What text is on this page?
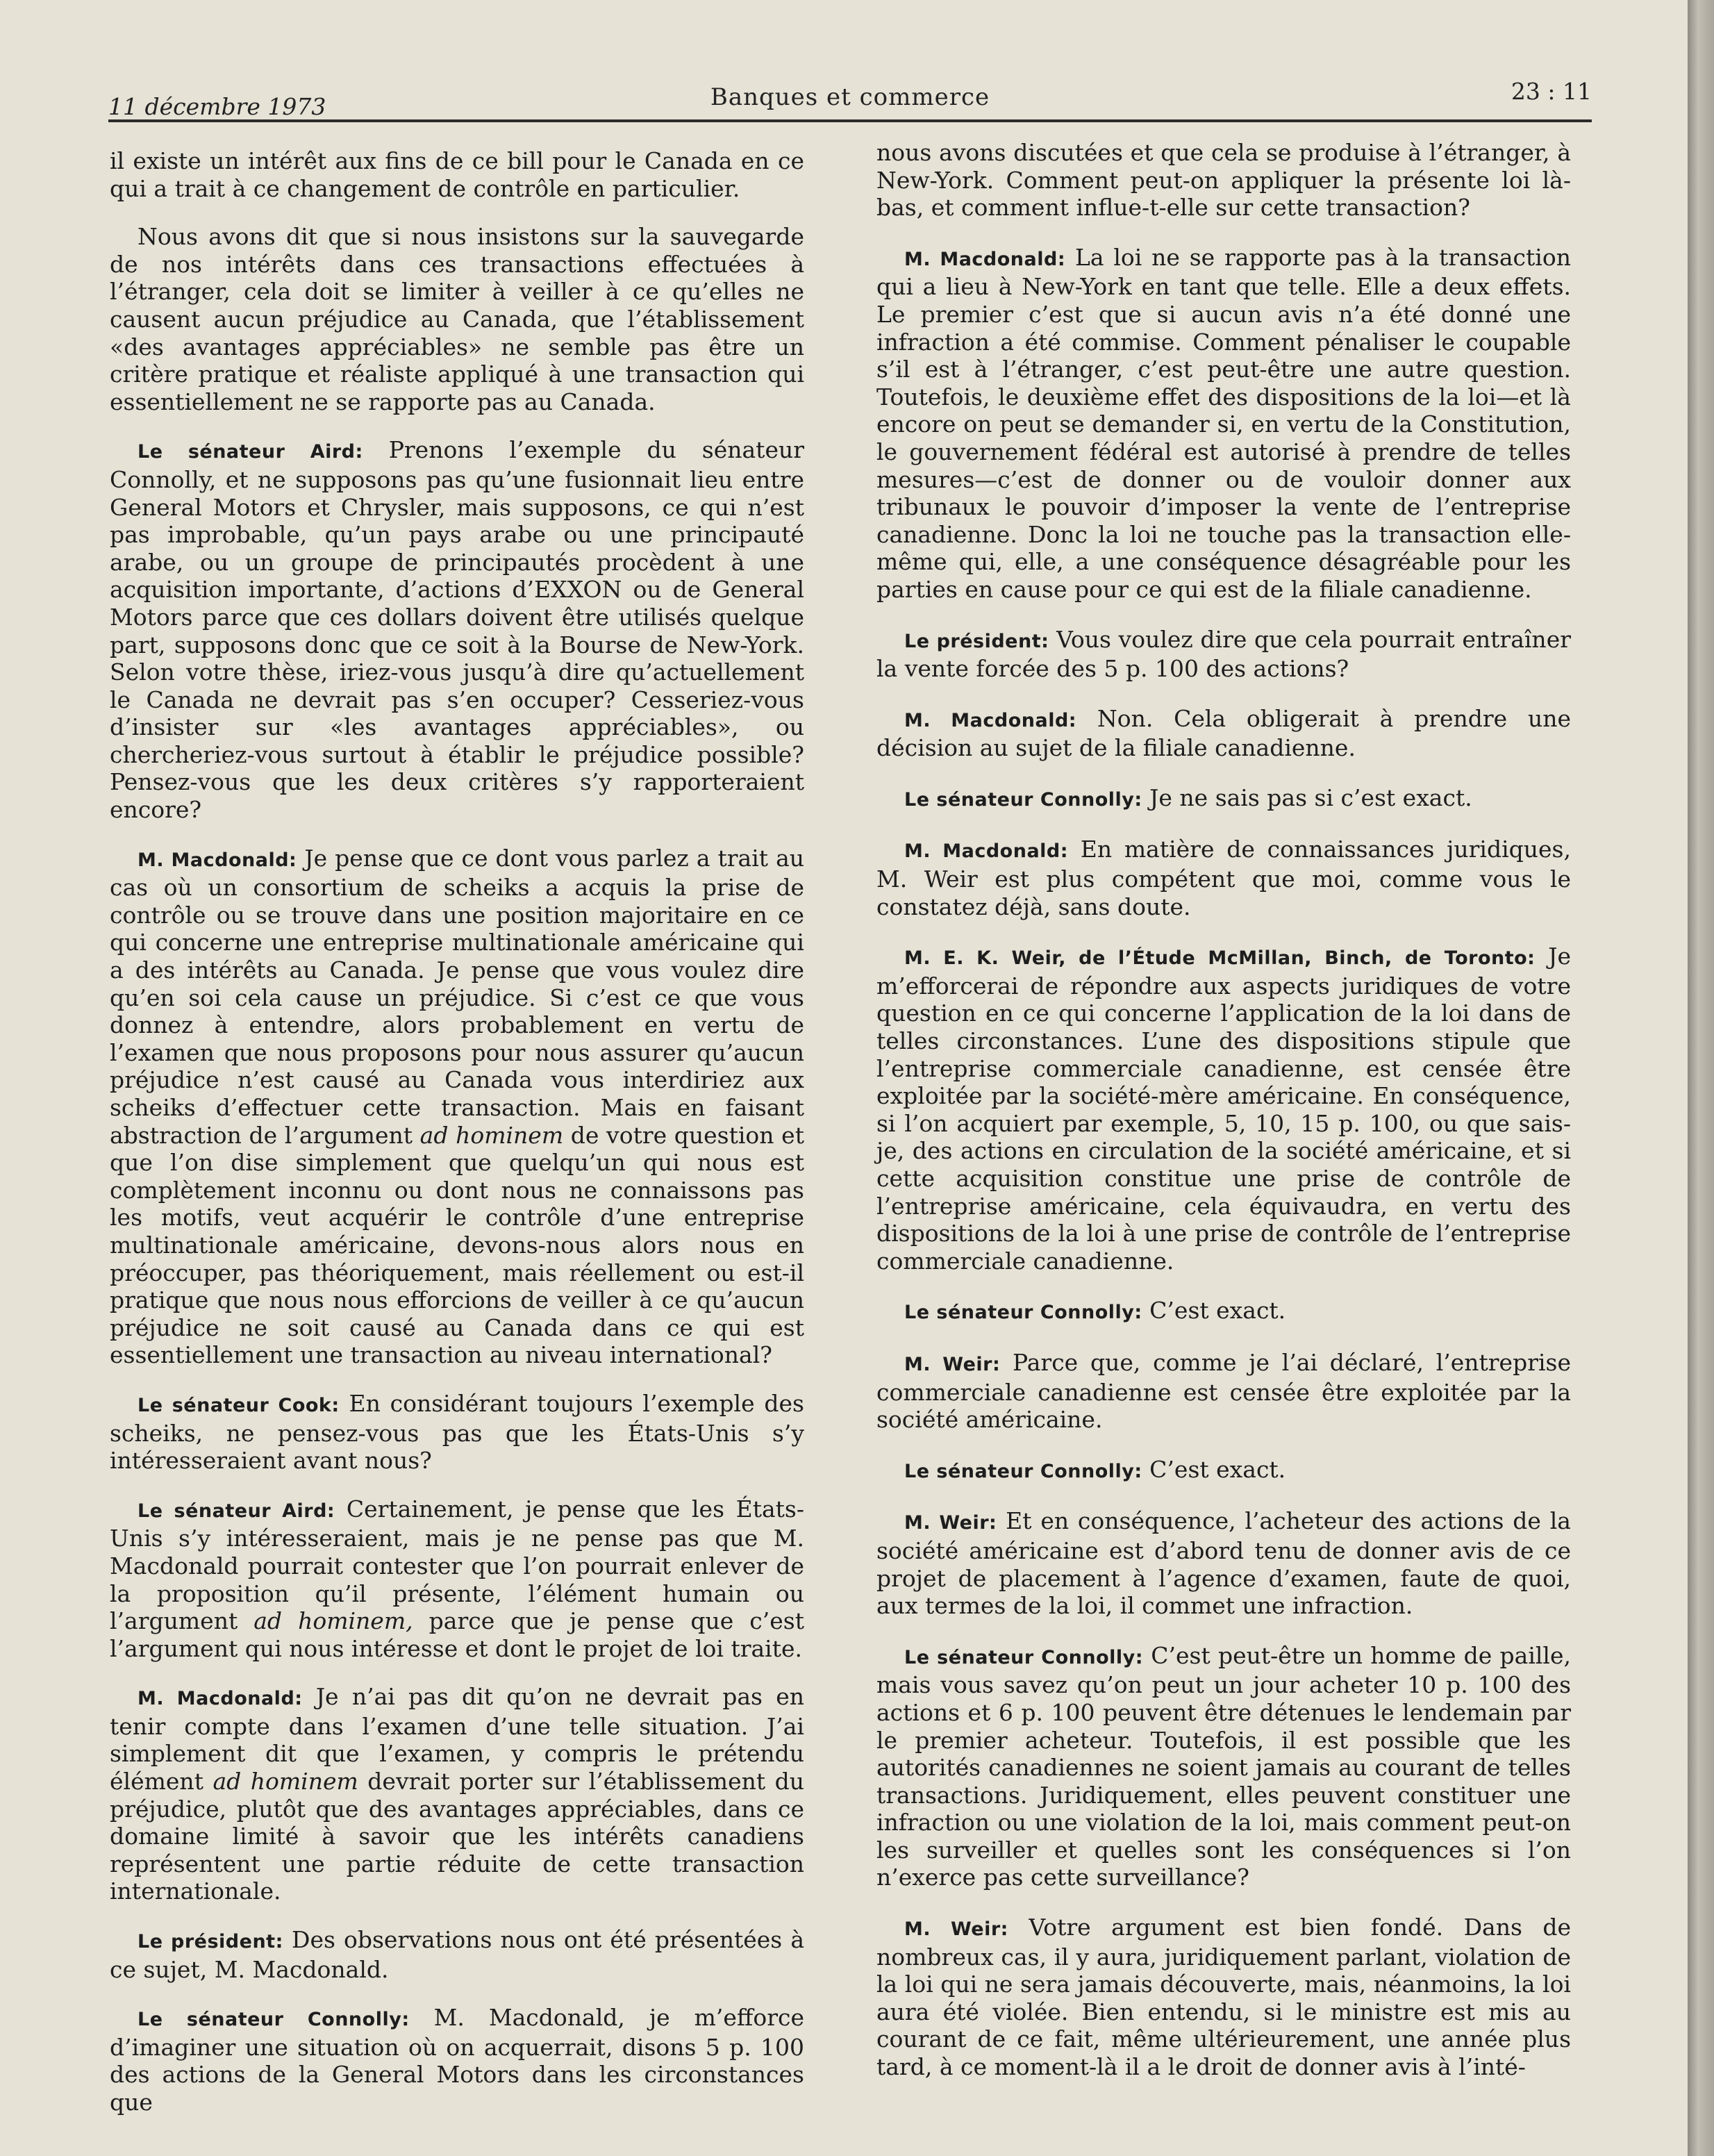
11 décembre 1973	Banques et commerce	23 : 11

il existe un intérêt aux fins de ce bill pour le Canada en ce qui a trait à ce changement de contrôle en particulier.

Nous avons dit que si nous insistons sur la sauvegarde de nos intérêts dans ces transactions effectuées à l’étranger, cela doit se limiter à veiller à ce qu’elles ne causent aucun préjudice au Canada, que l’établissement «des avantages appréciables» ne semble pas être un critère pratique et réaliste appliqué à une transaction qui essentiellement ne se rapporte pas au Canada.

Le sénateur Aird: Prenons l’exemple du sénateur Connolly, et ne supposons pas qu’une fusionnait lieu entre General Motors et Chrysler, mais supposons, ce qui n’est pas improbable, qu’un pays arabe ou une principauté arabe, ou un groupe de principautés procèdent à une acquisition importante, d’actions d’EXXON ou de General Motors parce que ces dollars doivent être utilisés quelque part, supposons donc que ce soit à la Bourse de New-York. Selon votre thèse, iriez-vous jusqu’à dire qu’actuellement le Canada ne devrait pas s’en occuper? Cesseriez-vous d’insister sur «les avantages appréciables», ou chercheriez-vous surtout à établir le préjudice possible? Pensez-vous que les deux critères s’y rapporteraient encore?

M. Macdonald: Je pense que ce dont vous parlez a trait au cas où un consortium de scheiks a acquis la prise de contrôle ou se trouve dans une position majoritaire en ce qui concerne une entreprise multinationale américaine qui a des intérêts au Canada. Je pense que vous voulez dire qu’en soi cela cause un préjudice. Si c’est ce que vous donnez à entendre, alors probablement en vertu de l’examen que nous proposons pour nous assurer qu’aucun préjudice n’est causé au Canada vous interdiriez aux scheiks d’effectuer cette transaction. Mais en faisant abstraction de l’argument ad hominem de votre question et que l’on dise simplement que quelqu’un qui nous est complètement inconnu ou dont nous ne connaissons pas les motifs, veut acquérir le contrôle d’une entreprise multinationale américaine, devons-nous alors nous en préoccuper, pas théoriquement, mais réellement ou est-il pratique que nous nous efforcions de veiller à ce qu’aucun préjudice ne soit causé au Canada dans ce qui est essentiellement une transaction au niveau international?

Le sénateur Cook: En considérant toujours l’exemple des scheiks, ne pensez-vous pas que les États-Unis s’y intéresseraient avant nous?

Le sénateur Aird: Certainement, je pense que les États-Unis s’y intéresseraient, mais je ne pense pas que M. Macdonald pourrait contester que l’on pourrait enlever de la proposition qu’il présente, l’élément humain ou l’argument ad hominem, parce que je pense que c’est l’argument qui nous intéresse et dont le projet de loi traite.

M. Macdonald: Je n’ai pas dit qu’on ne devrait pas en tenir compte dans l’examen d’une telle situation. J’ai simplement dit que l’examen, y compris le prétendu élément ad hominem devrait porter sur l’établissement du préjudice, plutôt que des avantages appréciables, dans ce domaine limité à savoir que les intérêts canadiens représentent une partie réduite de cette transaction internationale.

Le président: Des observations nous ont été présentées à ce sujet, M. Macdonald.

Le sénateur Connolly: M. Macdonald, je m’efforce d’imaginer une situation où on acquerrait, disons 5 p. 100 des actions de la General Motors dans les circonstances que

nous avons discutées et que cela se produise à l’étranger, à New-York. Comment peut-on appliquer la présente loi là-bas, et comment influe-t-elle sur cette transaction?

M. Macdonald: La loi ne se rapporte pas à la transaction qui a lieu à New-York en tant que telle. Elle a deux effets. Le premier c’est que si aucun avis n’a été donné une infraction a été commise. Comment pénaliser le coupable s’il est à l’étranger, c’est peut-être une autre question. Toutefois, le deuxième effet des dispositions de la loi—et là encore on peut se demander si, en vertu de la Constitution, le gouvernement fédéral est autorisé à prendre de telles mesures—c’est de donner ou de vouloir donner aux tribunaux le pouvoir d’imposer la vente de l’entreprise canadienne. Donc la loi ne touche pas la transaction elle-même qui, elle, a une conséquence désagréable pour les parties en cause pour ce qui est de la filiale canadienne.

Le président: Vous voulez dire que cela pourrait entraîner la vente forcée des 5 p. 100 des actions?

M. Macdonald: Non. Cela obligerait à prendre une décision au sujet de la filiale canadienne.

Le sénateur Connolly: Je ne sais pas si c’est exact.

M. Macdonald: En matière de connaissances juridiques, M. Weir est plus compétent que moi, comme vous le constatez déjà, sans doute.

M. E. K. Weir, de l’Étude McMillan, Binch, de Toronto: Je m’efforcerai de répondre aux aspects juridiques de votre question en ce qui concerne l’application de la loi dans de telles circonstances. L’une des dispositions stipule que l’entreprise commerciale canadienne, est censée être exploitée par la société-mère américaine. En conséquence, si l’on acquiert par exemple, 5, 10, 15 p. 100, ou que sais-je, des actions en circulation de la société américaine, et si cette acquisition constitue une prise de contrôle de l’entreprise américaine, cela équivaudra, en vertu des dispositions de la loi à une prise de contrôle de l’entreprise commerciale canadienne.

Le sénateur Connolly: C’est exact.

M. Weir: Parce que, comme je l’ai déclaré, l’entreprise commerciale canadienne est censée être exploitée par la société américaine.

Le sénateur Connolly: C’est exact.

M. Weir: Et en conséquence, l’acheteur des actions de la société américaine est d’abord tenu de donner avis de ce projet de placement à l’agence d’examen, faute de quoi, aux termes de la loi, il commet une infraction.

Le sénateur Connolly: C’est peut-être un homme de paille, mais vous savez qu’on peut un jour acheter 10 p. 100 des actions et 6 p. 100 peuvent être détenues le lendemain par le premier acheteur. Toutefois, il est possible que les autorités canadiennes ne soient jamais au courant de telles transactions. Juridiquement, elles peuvent constituer une infraction ou une violation de la loi, mais comment peut-on les surveiller et quelles sont les conséquences si l’on n’exerce pas cette surveillance?

M. Weir: Votre argument est bien fondé. Dans de nombreux cas, il y aura, juridiquement parlant, violation de la loi qui ne sera jamais découverte, mais, néanmoins, la loi aura été violée. Bien entendu, si le ministre est mis au courant de ce fait, même ultérieurement, une année plus tard, à ce moment-là il a le droit de donner avis à l’inté-
